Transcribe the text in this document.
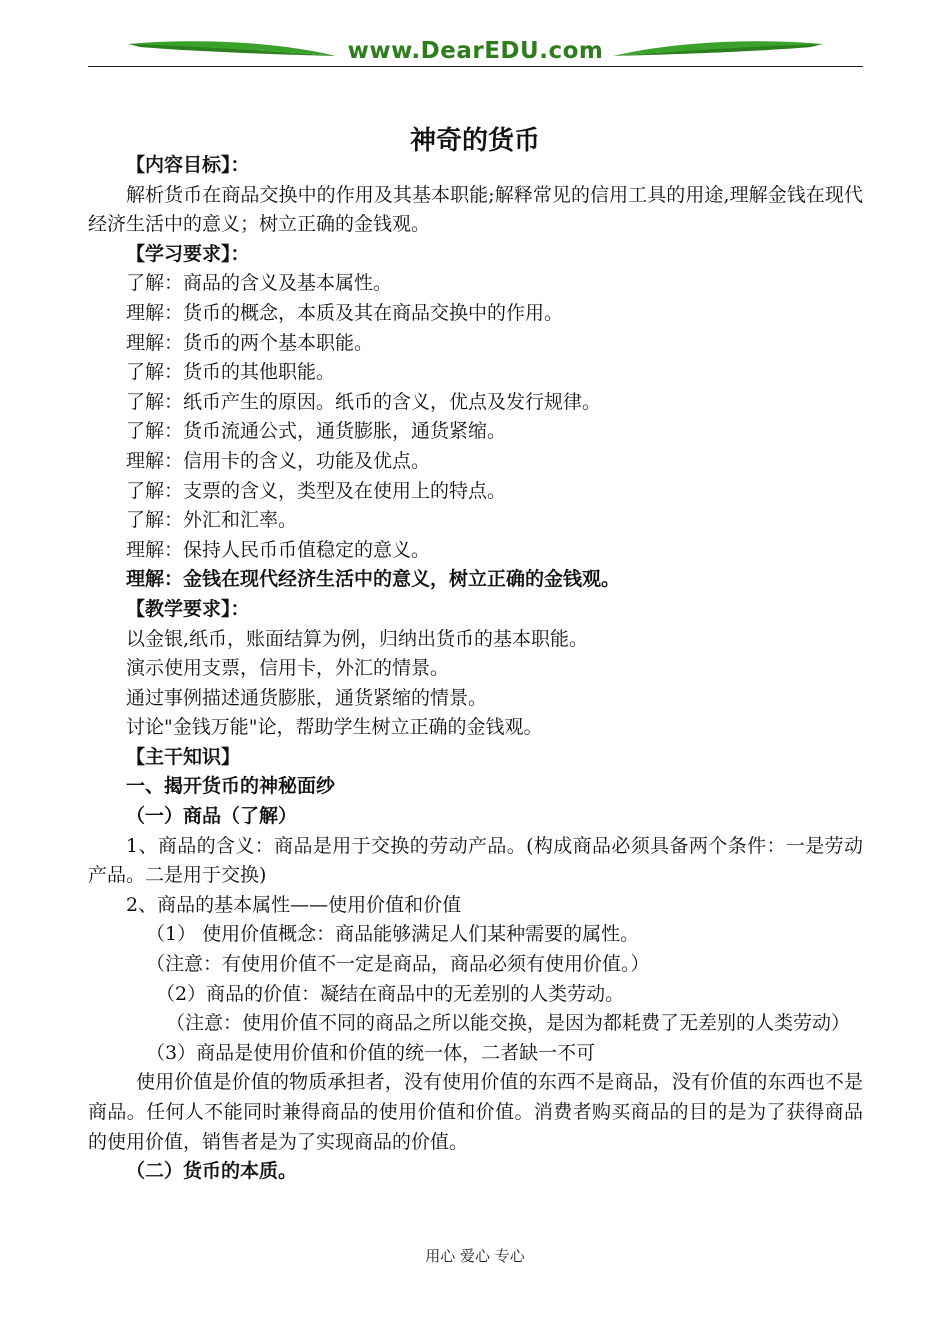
www.DearEDU.com
神奇的货币
【内容目标】：
解析货币在商品交换中的作用及其基本职能;解释常见的信用工具的用途,理解金钱在现代经济生活中的意义；树立正确的金钱观。
【学习要求】：
了解：商品的含义及基本属性。
理解：货币的概念，本质及其在商品交换中的作用。
理解：货币的两个基本职能。
了解：货币的其他职能。
了解：纸币产生的原因。纸币的含义，优点及发行规律。
了解：货币流通公式，通货膨胀，通货紧缩。
理解：信用卡的含义，功能及优点。
了解：支票的含义，类型及在使用上的特点。
了解：外汇和汇率。
理解：保持人民币币值稳定的意义。
理解：金钱在现代经济生活中的意义，树立正确的金钱观。
【教学要求】：
以金银,纸币，账面结算为例，归纳出货币的基本职能。
演示使用支票，信用卡，外汇的情景。
通过事例描述通货膨胀，通货紧缩的情景。
讨论"金钱万能"论，帮助学生树立正确的金钱观。
【主干知识】
一、揭开货币的神秘面纱
（一）商品（了解）
1、商品的含义：商品是用于交换的劳动产品。(构成商品必须具备两个条件：一是劳动产品。二是用于交换)
2、商品的基本属性——使用价值和价值
（1） 使用价值概念：商品能够满足人们某种需要的属性。
（注意：有使用价值不一定是商品，商品必须有使用价值。）
（2）商品的价值：凝结在商品中的无差别的人类劳动。
（注意：使用价值不同的商品之所以能交换，是因为都耗费了无差别的人类劳动）
（3）商品是使用价值和价值的统一体，二者缺一不可
使用价值是价值的物质承担者，没有使用价值的东西不是商品，没有价值的东西也不是商品。任何人不能同时兼得商品的使用价值和价值。消费者购买商品的目的是为了获得商品的使用价值，销售者是为了实现商品的价值。
（二）货币的本质。
用心 爱心 专心
